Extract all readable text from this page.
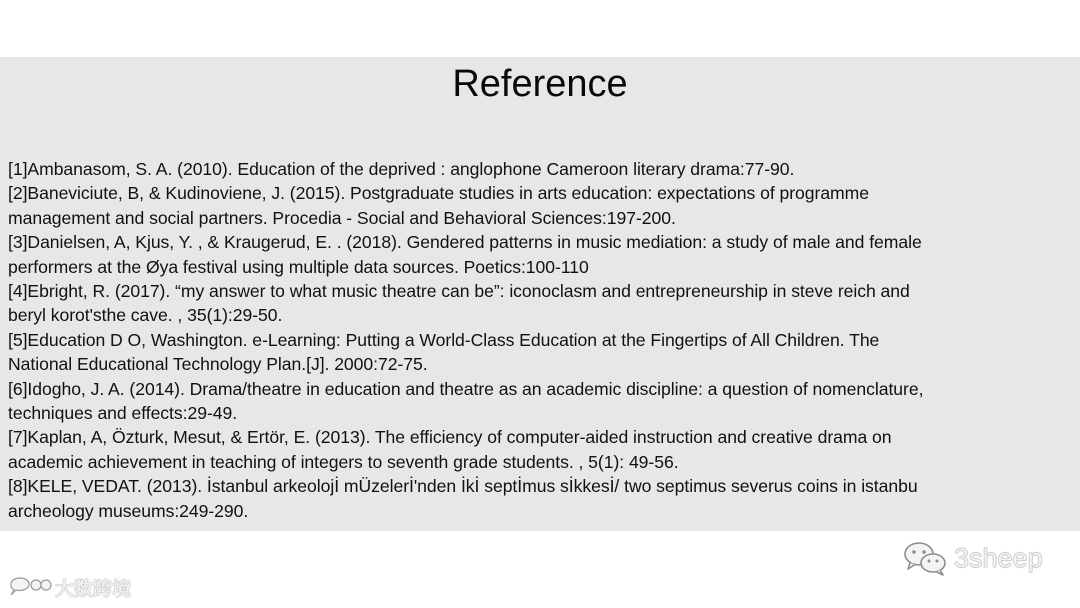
Reference
[1]Ambanasom, S. A. (2010). Education of the deprived : anglophone Cameroon literary drama:77-90.
[2]Baneviciute, B, & Kudinoviene, J. (2015). Postgraduate studies in arts education: expectations of programme
management and social partners. Procedia - Social and Behavioral Sciences:197-200.
[3]Danielsen, A, Kjus, Y. , & Kraugerud, E. . (2018). Gendered patterns in music mediation: a study of male and female
performers at the Øya festival using multiple data sources. Poetics:100-110
[4]Ebright, R. (2017). “my answer to what music theatre can be”: iconoclasm and entrepreneurship in steve reich and
beryl korot'sthe cave. , 35(1):29-50.
[5]Education D O, Washington. e-Learning: Putting a World-Class Education at the Fingertips of All Children. The
National Educational Technology Plan.[J]. 2000:72-75.
[6]Idogho, J. A. (2014). Drama/theatre in education and theatre as an academic discipline: a question of nomenclature,
techniques and effects:29-49.
[7]Kaplan, A, Özturk, Mesut, & Ertör, E. (2013). The efficiency of computer-aided instruction and creative drama on
academic achievement in teaching of integers to seventh grade students. , 5(1): 49-56.
[8]KELE, VEDAT. (2013). İstanbul arkeolojİ mÜzelerİ'nden İkİ septİmus sİkkesİ/ two septimus severus coins in istanbu
archeology museums:249-290.
大数跨境
3sheep
